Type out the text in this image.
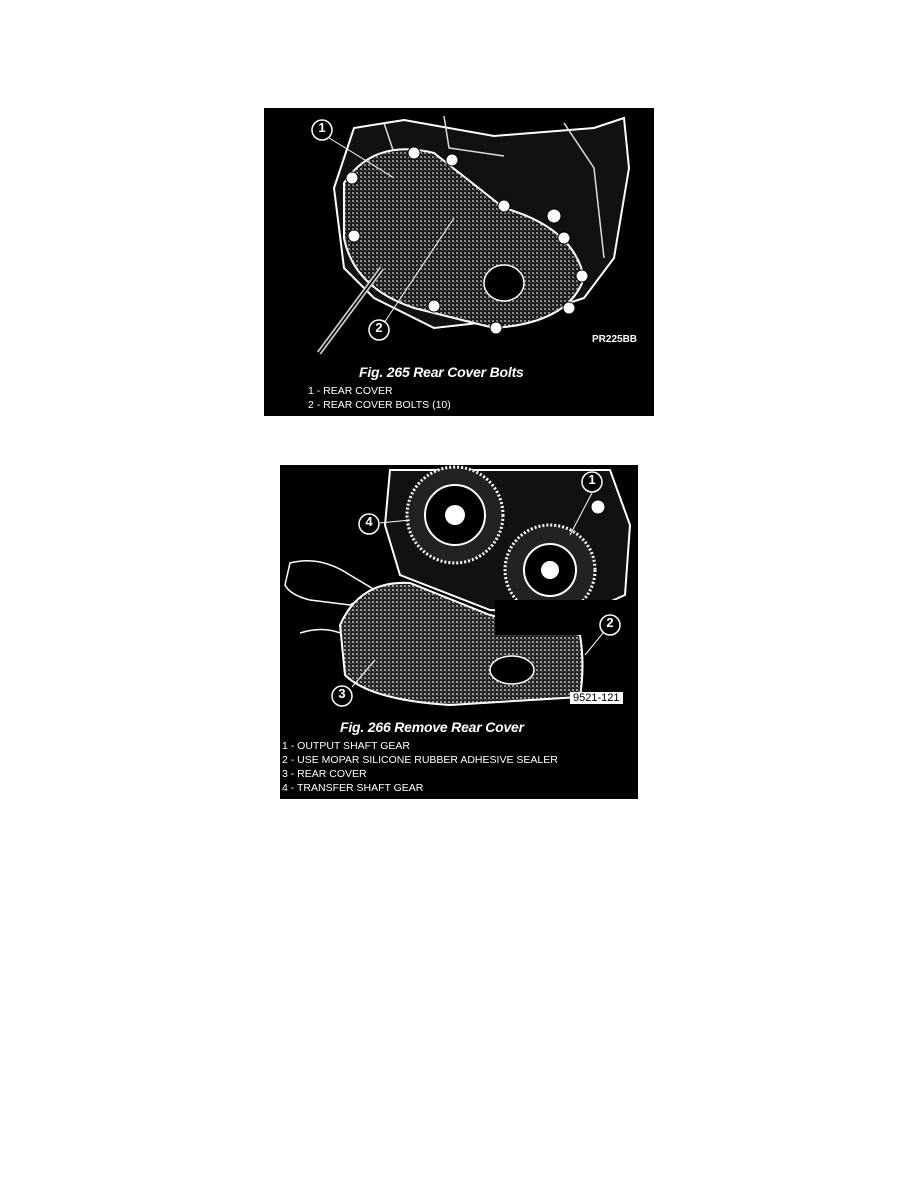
1
2
PR225BB
Fig. 265 Rear Cover Bolts
1 - REAR COVER
2 - REAR COVER BOLTS (10)
1
2
3
4
9521-121
Fig. 266 Remove Rear Cover
1 - OUTPUT SHAFT GEAR
2 - USE MOPAR SILICONE RUBBER ADHESIVE SEALER
3 - REAR COVER
4 - TRANSFER SHAFT GEAR
